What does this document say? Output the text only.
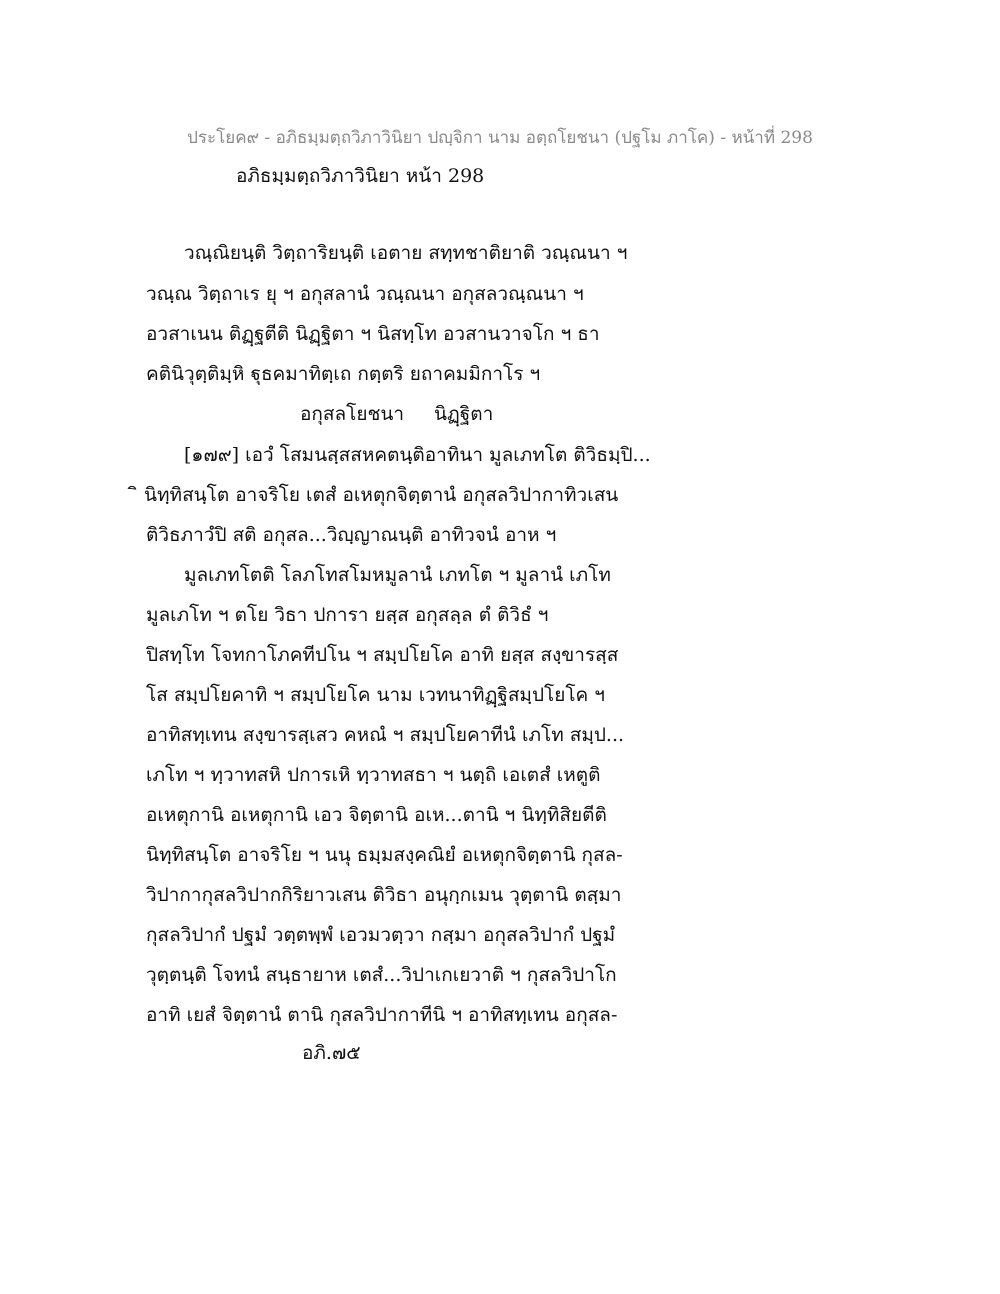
ประโยค๙ - อภิธมฺมตฺถวิภาวินิยา ปญฺจิกา นาม อตฺถโยชนา (ปฐโม ภาโค) - หน้าที่ 298
อภิธมฺมตฺถวิภาวินิยา หน้า 298
วณฺณิยนฺติ วิตฺถาริยนฺติ เอตาย สทฺทชาติยาติ วณฺณนา ฯ
วณฺณ วิตฺถาเร ยุ ฯ อกุสลานํ วณฺณนา อกุสลวณฺณนา ฯ
อวสาเนน ติฏฺฐตีติ นิฏฺฐิตา ฯ นิสทฺโท อวสานวาจโก ฯ ธา
คตินิวุตฺติมฺหิ ฐุธคมาทิตฺเถ กตฺตริ ยถาคมมิกาโร ฯ
อกุสลโยชนา นิฏฺฐิตา
[๑๗๙] เอวํ โสมนสฺสสหคตนฺติอาทินา มูลเภทโต ติวิธมฺปิ...
ิ นิทฺทิสนฺโต อาจริโย เตสํ อเหตุกจิตฺตานํ อกุสลวิปากาทิวเสน
ติวิธภาวํปิ สติ อกุสล...วิญฺญาณนฺติ อาทิวจนํ อาห ฯ
มูลเภทโตติ โลภโทสโมหมูลานํ เภทโต ฯ มูลานํ เภโท
มูลเภโท ฯ ตโย วิธา ปการา ยสฺส อกุสลฺล ตํ ติวิธํ ฯ
ปิสทฺโท โจทกาโภคทีปโน ฯ สมฺปโยโค อาทิ ยสฺส สงฺขารสฺส
โส สมฺปโยคาทิ ฯ สมฺปโยโค นาม เวทนาทิฏฺฐิสมฺปโยโค ฯ
อาทิสทฺเทน สงฺขารสฺเสว คหณํ ฯ สมฺปโยคาทีนํ เภโท สมฺป...
เภโท ฯ ทฺวาทสหิ ปการเหิ ทฺวาทสธา ฯ นตฺถิ เอเตสํ เหตูติ
อเหตุกานิ อเหตุกานิ เอว จิตฺตานิ อเห...ตานิ ฯ นิทฺทิสิยตีติ
นิทฺทิสนฺโต อาจริโย ฯ นนุ ธมฺมสงฺคณิยํ อเหตุกจิตฺตานิ กุสล-
วิปากากุสลวิปากกิริยาวเสน ติวิธา อนุกฺกเมน วุตฺตานิ ตสฺมา
กุสลวิปากํ ปฐมํ วตฺตพฺพํ เอวมวตฺวา กสฺมา อกุสลวิปากํ ปฐมํ
วุตฺตนฺติ โจทนํ สนฺธายาห เตสํ...วิปาเกเยวาติ ฯ กุสลวิปาโก
อาทิ เยสํ จิตฺตานํ ตานิ กุสลวิปากาทีนิ ฯ อาทิสทฺเทน อกุสล-
อภิ.๗๕
